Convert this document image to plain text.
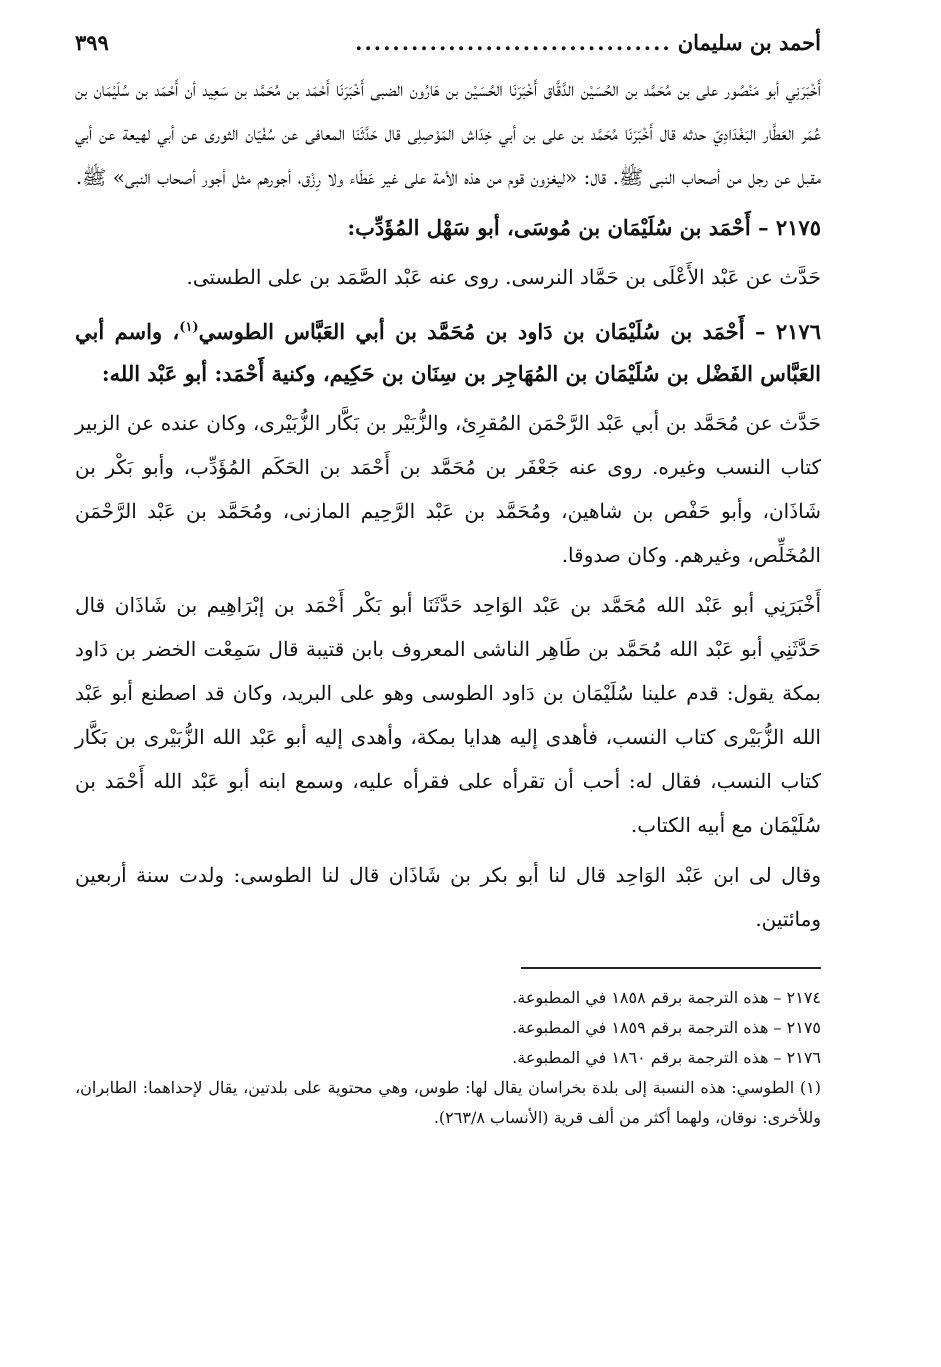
أحمد بن سليمان
..................................
٣٩٩

أَخْبَرَنِي أبو مَنْصُور على بن مُحَمَّد بن الحُسَيْن الدَّقَّاق أَخْبَرَنَا الحُسَيْن بن هَارُون الضبى أَخْبَرَنَا أَحْمَد بن مُحَمَّد بن سَعِيد أن أَحْمَد بن سُلَيْمَان بن عُمَر العَطَّار البَغْدَادِيّ حدثه قال أَخْبَرَنَا مُحَمَّد بن على بن أبي خِدَاش المَوْصِلِى قال حَدَّثَنَا المعافى عن سُفْيَان الثورى عن أبي لهيعة عن أبي مقبل عن رجل من أصحاب النبى ﷺ. قال: «ليغزون قوم من هذه الأمة على غير عَطَاء ولا رِزْق، أجورهم مثل أجور أصحاب النبى» ﷺ.

٢١٧٥ – أَحْمَد بن سُلَيْمَان بن مُوسَى، أبو سَهْل المُؤَدِّب:

حَدَّث عن عَبْد الأَعْلَى بن حَمَّاد النرسى. روى عنه عَبْد الصَّمَد بن على الطستى.

٢١٧٦ – أَحْمَد بن سُلَيْمَان بن دَاود بن مُحَمَّد بن أبي العَبَّاس الطوسي$^{(١)}$، واسم أبي العَبَّاس الفَضْل بن سُلَيْمَان بن المُهَاجِر بن سِنَان بن حَكِيم، وكنية أَحْمَد: أبو عَبْد الله:

حَدَّث عن مُحَمَّد بن أبي عَبْد الرَّحْمَن المُقرِئ، والزُّبَيْر بن بَكَّار الزُّبَيْرى، وكان عنده عن الزبير كتاب النسب وغيره. روى عنه جَعْفَر بن مُحَمَّد بن أَحْمَد بن الحَكَم المُؤَدِّب، وأبو بَكْر بن شَاذَان، وأبو حَفْص بن شاهين، ومُحَمَّد بن عَبْد الرَّحِيم المازنى، ومُحَمَّد بن عَبْد الرَّحْمَن المُخَلِّص، وغيرهم. وكان صدوقا.

أَخْبَرَنِي أبو عَبْد الله مُحَمَّد بن عَبْد الوَاحِد حَدَّثَنَا أبو بَكْر أَحْمَد بن إبْرَاهِيم بن شَاذَان قال حَدَّثَنِي أبو عَبْد الله مُحَمَّد بن طَاهِر الناشى المعروف بابن قتيبة قال سَمِعْت الخضر بن دَاود بمكة يقول: قدم علينا سُلَيْمَان بن دَاود الطوسى وهو على البريد، وكان قد اصطنع أبو عَبْد الله الزُّبَيْرى كتاب النسب، فأهدى إليه هدايا بمكة، وأهدى إليه أبو عَبْد الله الزُّبَيْرى بن بَكَّار كتاب النسب، فقال له: أحب أن تقرأه على فقرأه عليه، وسمع ابنه أبو عَبْد الله أَحْمَد بن سُلَيْمَان مع أبيه الكتاب.

وقال لى ابن عَبْد الوَاحِد قال لنا أبو بكر بن شَاذَان قال لنا الطوسى: ولدت سنة أربعين ومائتين.

٢١٧٤ – هذه الترجمة برقم ١٨٥٨ في المطبوعة.

٢١٧٥ – هذه الترجمة برقم ١٨٥٩ في المطبوعة.

٢١٧٦ – هذه الترجمة برقم ١٨٦٠ في المطبوعة.

(١) الطوسي: هذه النسبة إلى بلدة بخراسان يقال لها: طوس، وهي محتوية على بلدتين، يقال لإحداهما: الطابران، وللأخرى: نوقان، ولهما أكثر من ألف قرية (الأنساب ٢٦٣/٨).
